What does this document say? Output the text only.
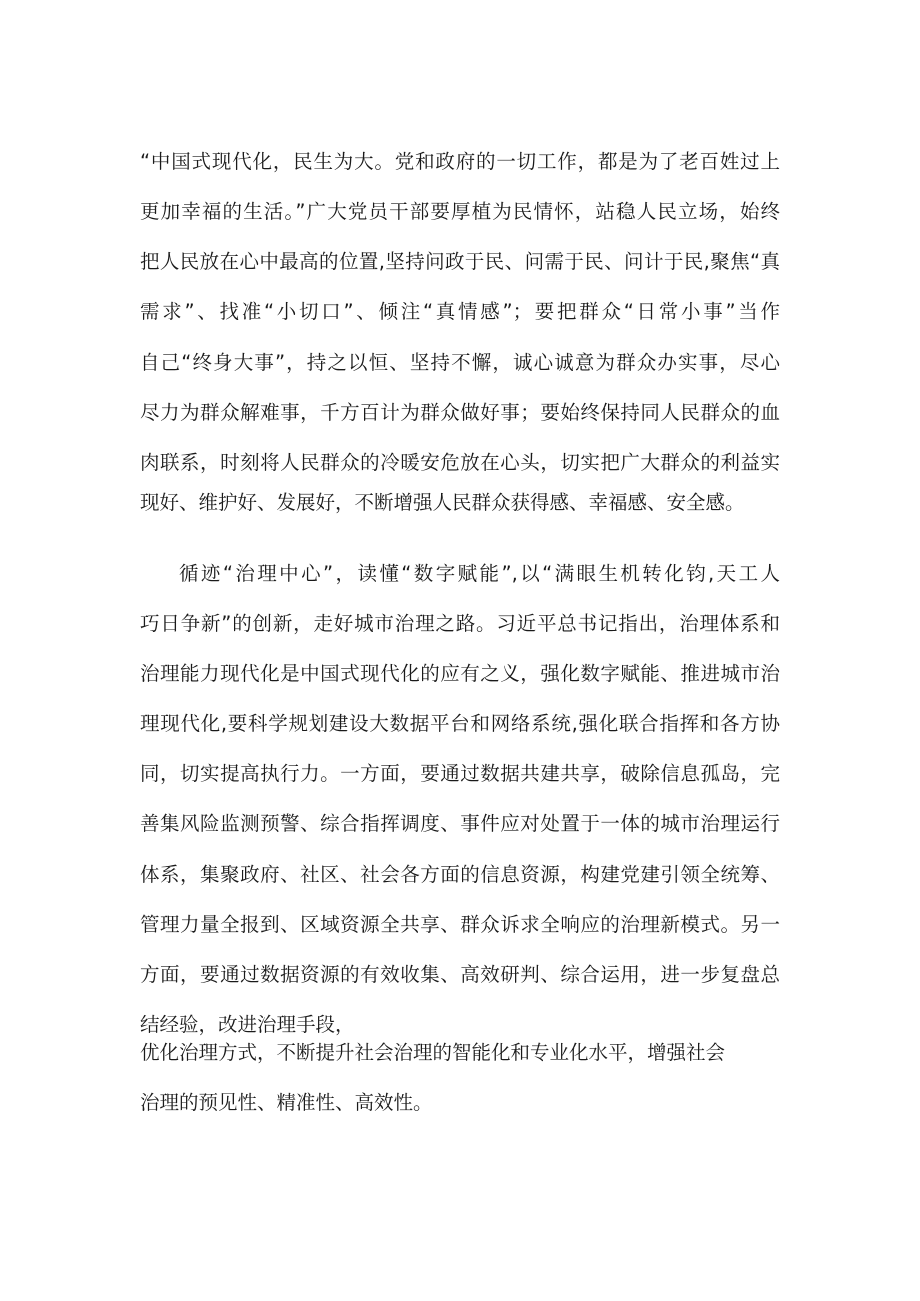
“中国式现代化，民生为大。党和政府的一切工作，都是为了老百姓过上

更加幸福的生活。”广大党员干部要厚植为民情怀，站稳人民立场，始终

把人民放在心中最高的位置,坚持问政于民、问需于民、问计于民,聚焦“真

需求”、找准“小切口”、倾注“真情感”；要把群众“日常小事”当作

自己“终身大事”，持之以恒、坚持不懈，诚心诚意为群众办实事，尽心

尽力为群众解难事，千方百计为群众做好事；要始终保持同人民群众的血

肉联系，时刻将人民群众的冷暖安危放在心头，切实把广大群众的利益实

现好、维护好、发展好，不断增强人民群众获得感、幸福感、安全感。

循迹“治理中心”，读懂“数字赋能”,以“满眼生机转化钧,天工人

巧日争新”的创新，走好城市治理之路。习近平总书记指出，治理体系和

治理能力现代化是中国式现代化的应有之义，强化数字赋能、推进城市治

理现代化,要科学规划建设大数据平台和网络系统,强化联合指挥和各方协

同，切实提高执行力。一方面，要通过数据共建共享，破除信息孤岛，完

善集风险监测预警、综合指挥调度、事件应对处置于一体的城市治理运行

体系，集聚政府、社区、社会各方面的信息资源，构建党建引领全统筹、

管理力量全报到、区域资源全共享、群众诉求全响应的治理新模式。另一

方面，要通过数据资源的有效收集、高效研判、综合运用，进一步复盘总

结经验，改进治理手段，

优化治理方式，不断提升社会治理的智能化和专业化水平，增强社会

治理的预见性、精准性、高效性。
